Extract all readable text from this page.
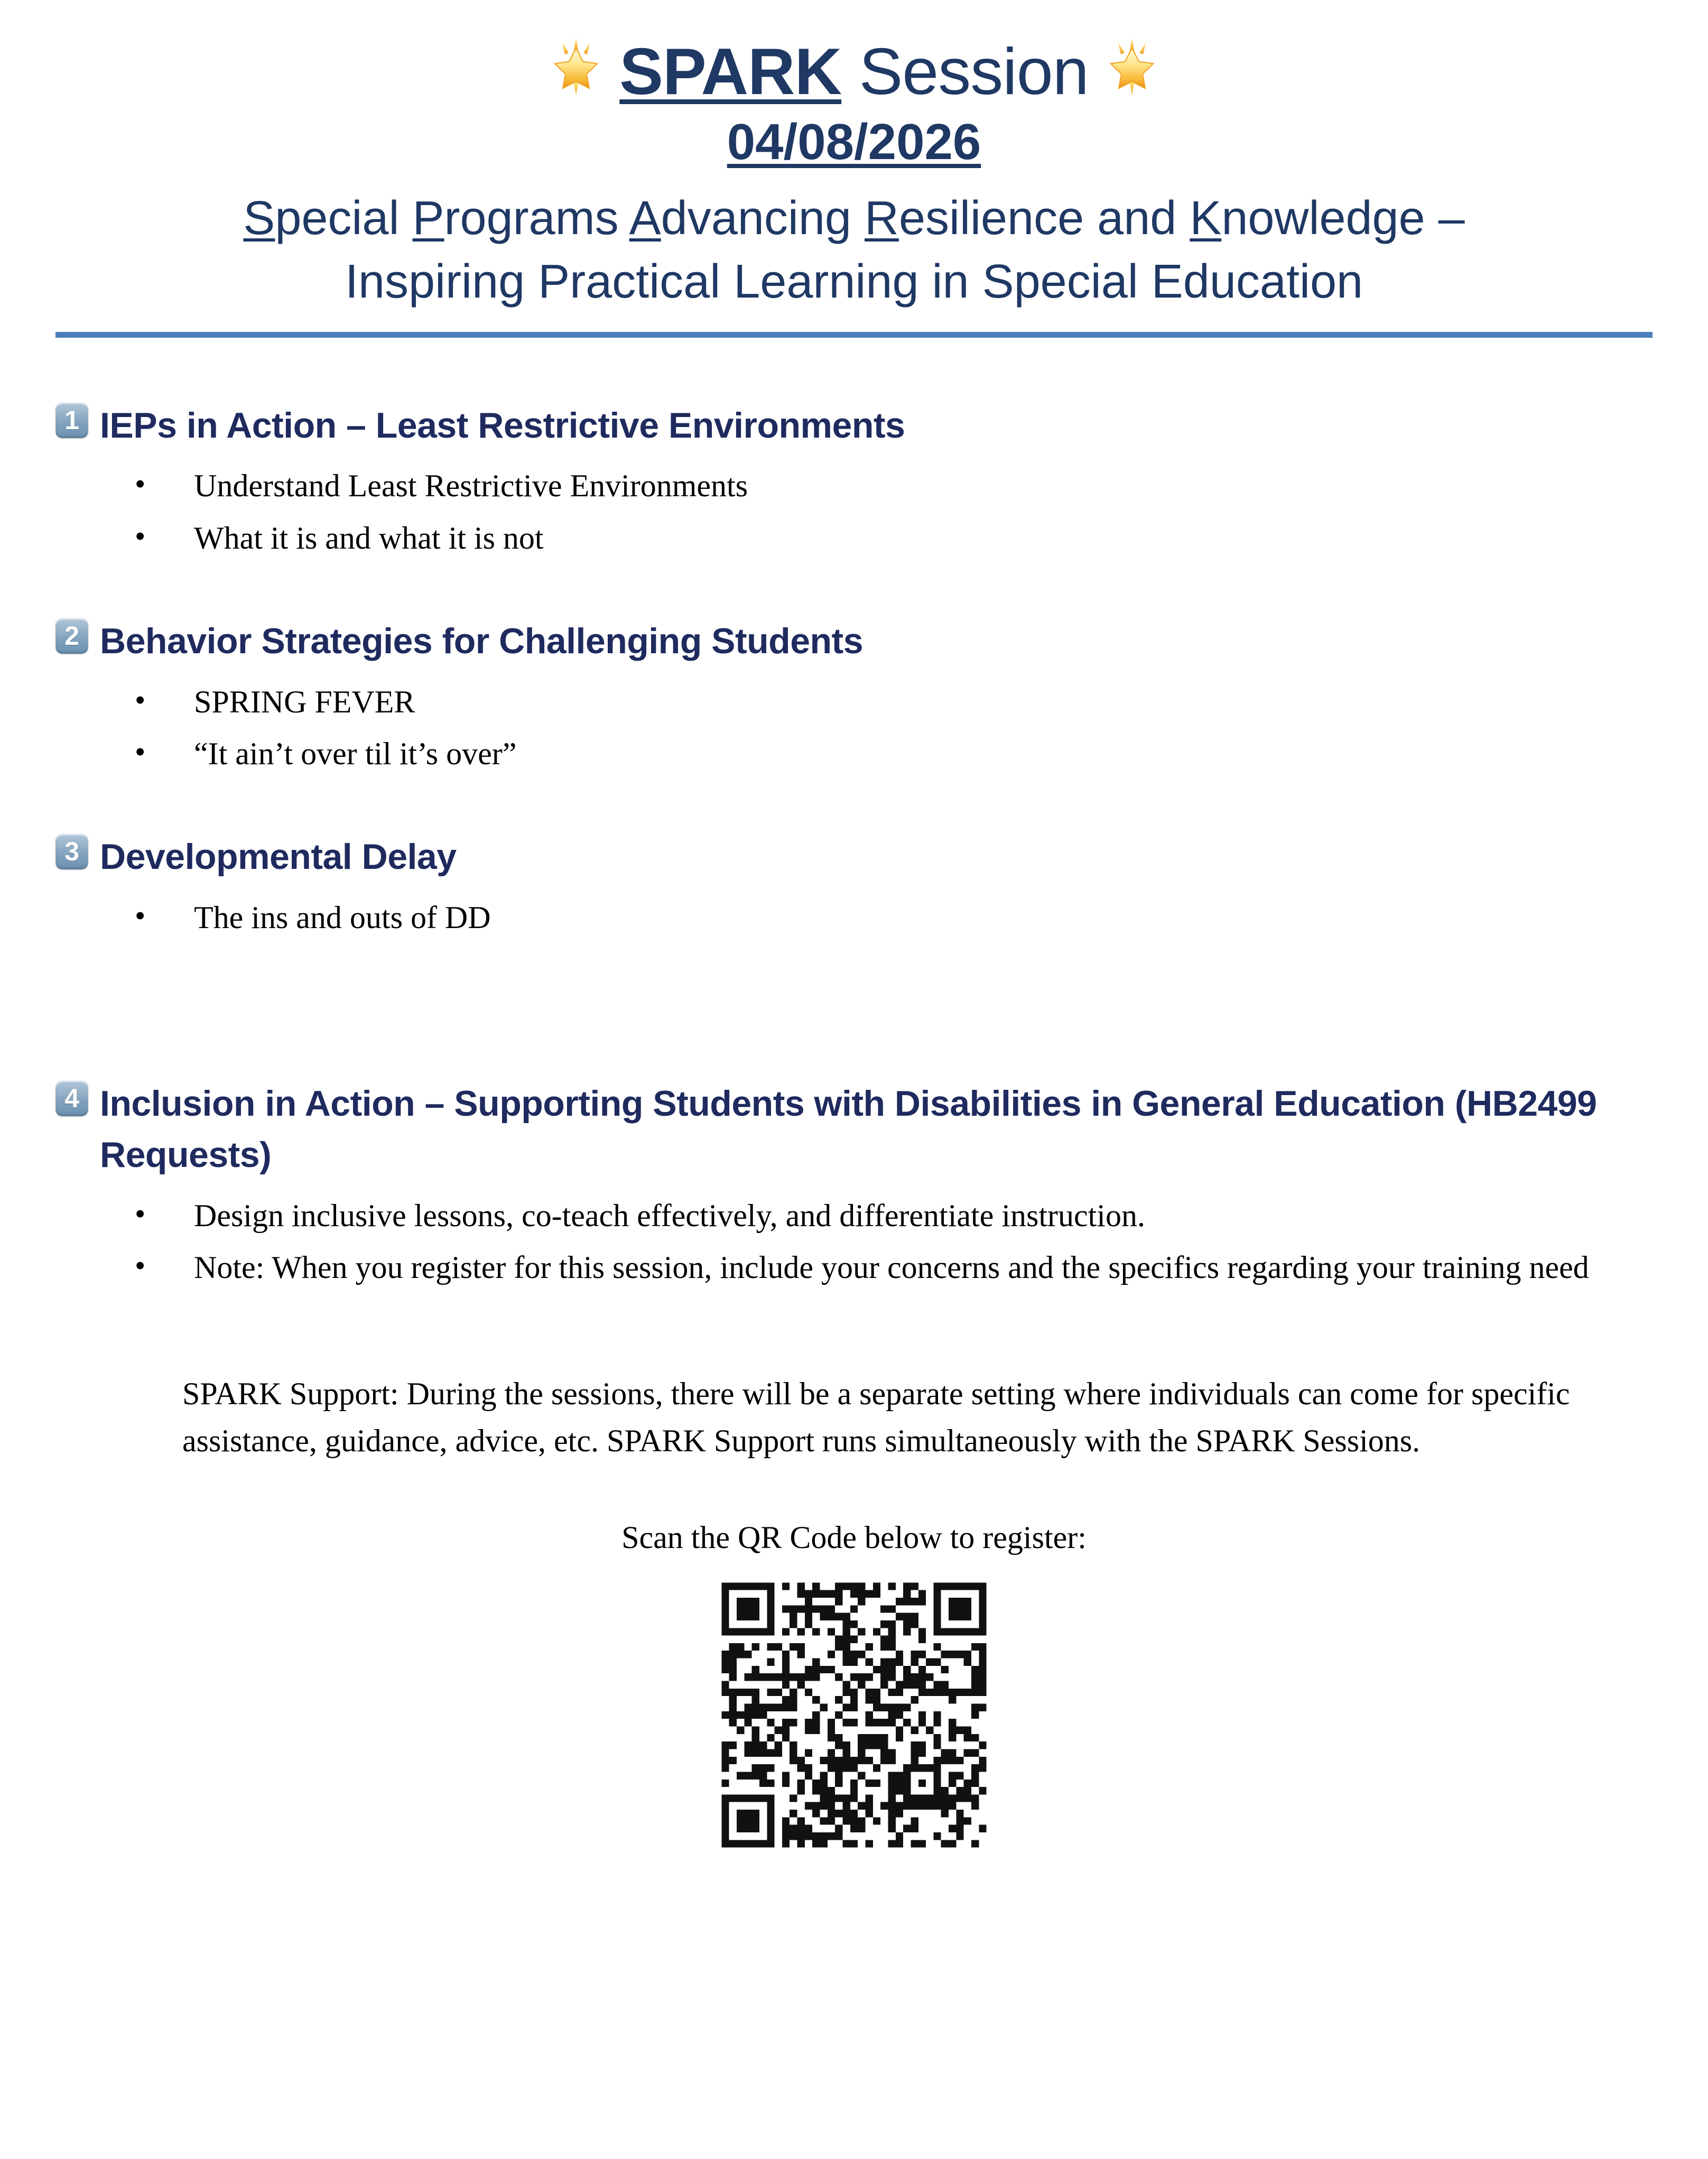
SPARK Session
04/08/2026
Special Programs Advancing Resilience and Knowledge –
Inspiring Practical Learning in Special Education
1 IEPs in Action – Least Restrictive Environments
• Understand Least Restrictive Environments
• What it is and what it is not
2 Behavior Strategies for Challenging Students
• SPRING FEVER
• “It ain’t over til it’s over”
3 Developmental Delay
• The ins and outs of DD
4 Inclusion in Action – Supporting Students with Disabilities in General Education (HB2499 Requests)
• Design inclusive lessons, co-teach effectively, and differentiate instruction.
• Note: When you register for this session, include your concerns and the specifics regarding your training need
SPARK Support: During the sessions, there will be a separate setting where individuals can come for specific assistance, guidance, advice, etc. SPARK Support runs simultaneously with the SPARK Sessions.
Scan the QR Code below to register:
